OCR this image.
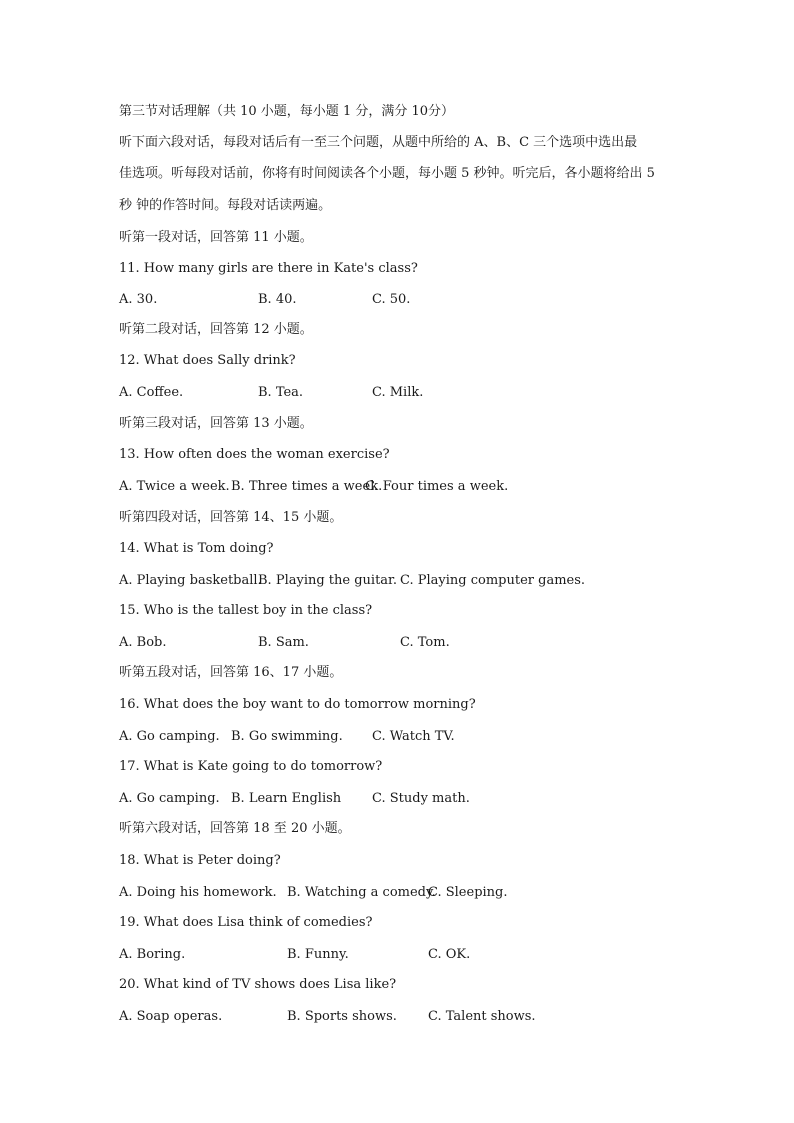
第三节对话理解（共 10 小题，每小题 1 分，满分 10分）
听下面六段对话，每段对话后有一至三个问题，从题中所给的 A、B、C 三个选项中选出最
佳选项。听每段对话前，你将有时间阅读各个小题，每小题 5 秒钟。听完后，各小题将给出 5
秒 钟的作答时间。每段对话读两遍。
听第一段对话，回答第 11 小题。
11. How many girls are there in Kate's class?
A. 30.	B. 40.	C. 50.
听第二段对话，回答第 12 小题。
12. What does Sally drink?
A. Coffee.	B. Tea.	C. Milk.
听第三段对话，回答第 13 小题。
13. How often does the woman exercise?
A. Twice a week. B. Three times a week.
C. Four times a week.
听第四段对话，回答第 14、15 小题。
14. What is Tom doing?
A. Playing basketball.
B. Playing the guitar. C. Playing computer games.
15. Who is the tallest boy in the class?
A. Bob.	B. Sam.	C. Tom.
听第五段对话，回答第 16、17 小题。
16. What does the boy want to do tomorrow morning?
A. Go camping. B. Go swimming. C. Watch TV.
17. What is Kate going to do tomorrow?
A. Go camping. B. Learn English C. Study math.
听第六段对话，回答第 18 至 20 小题。
18. What is Peter doing?
A. Doing his homework. B. Watching a comedy.
C. Sleeping.
19. What does Lisa think of comedies?
A. Boring.	B. Funny.	C. OK.
20. What kind of TV shows does Lisa like?
A. Soap operas.	B. Sports shows. C. Talent shows.
